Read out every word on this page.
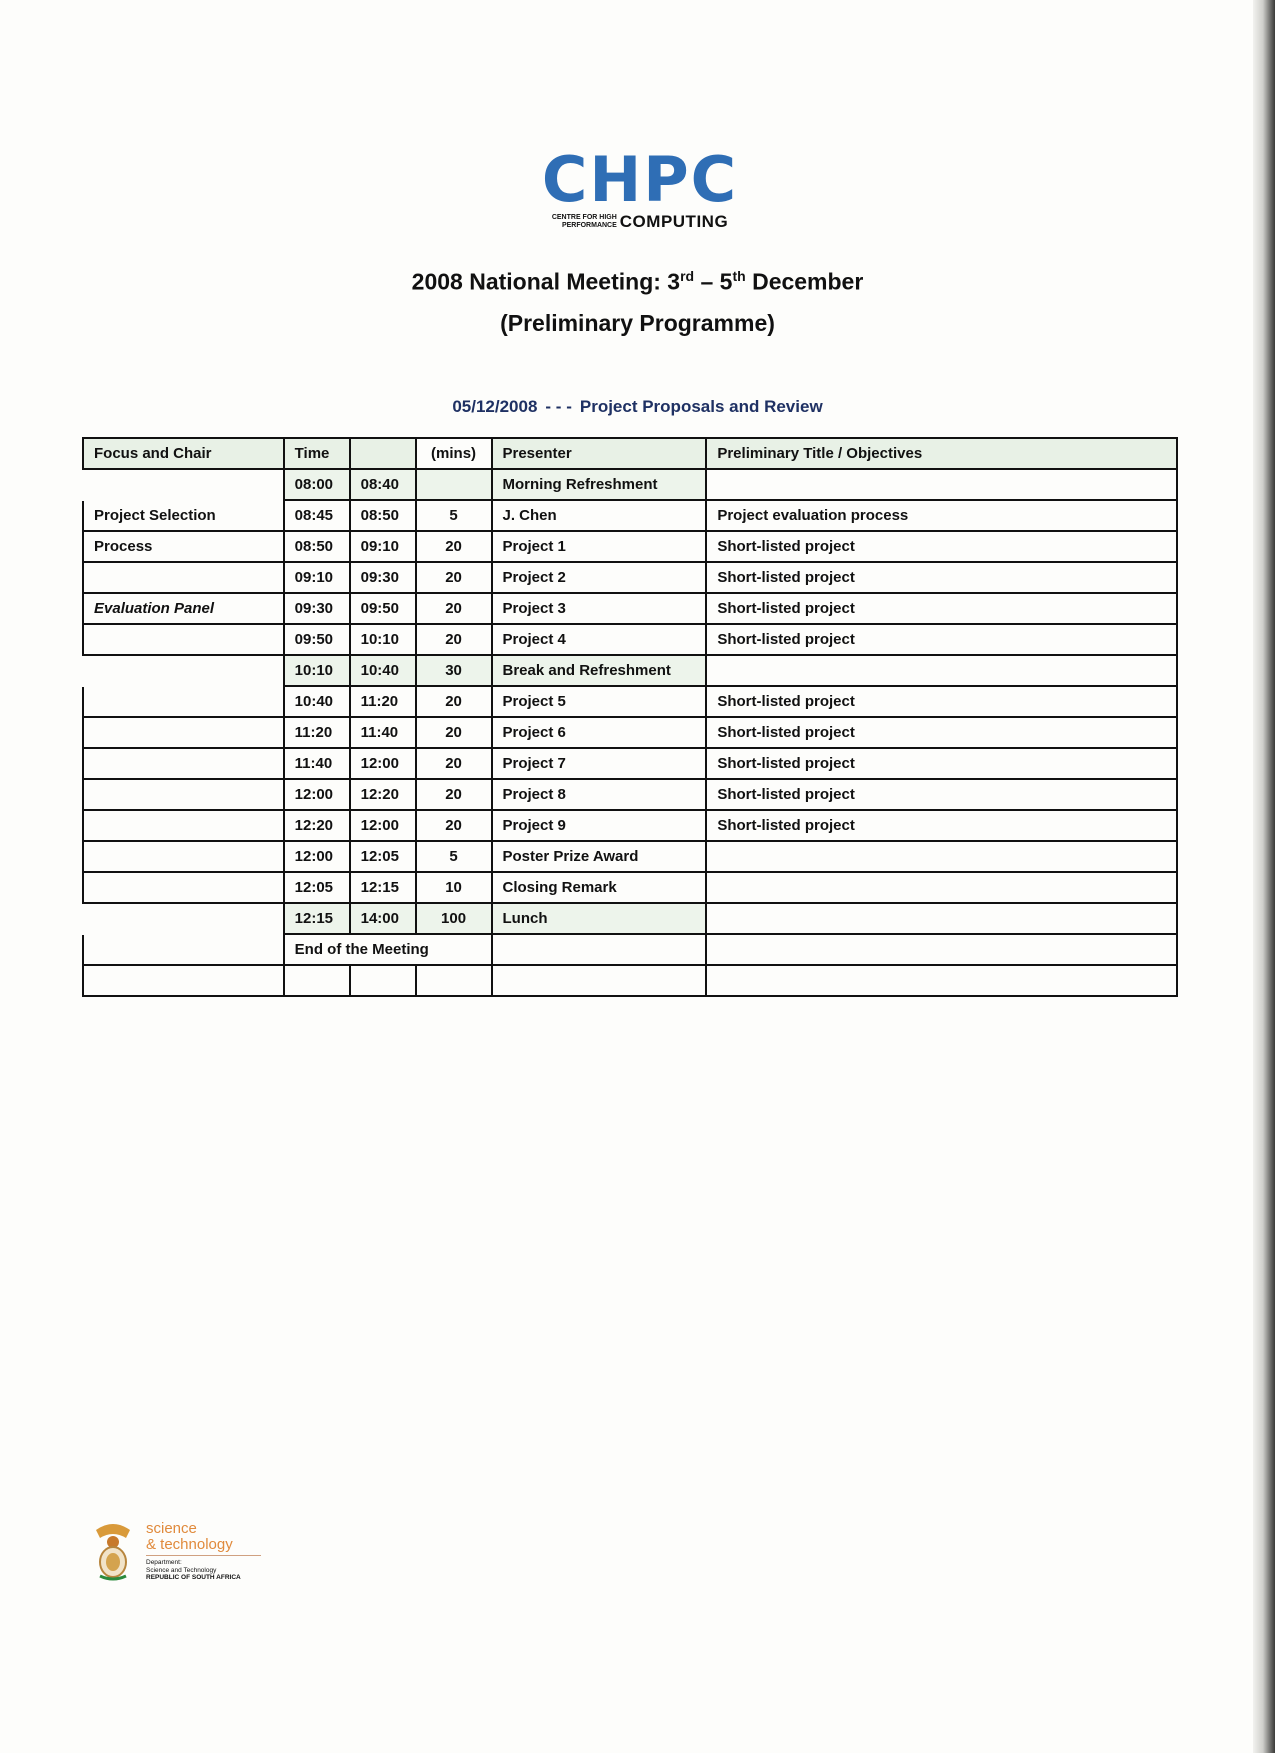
CHPC
CENTRE FOR HIGH
PERFORMANCE COMPUTING
2008 National Meeting: 3rd – 5th December
(Preliminary Programme)
05/12/2008 - - - Project Proposals and Review
Focus and Chair	Time		(mins)	Presenter	Preliminary Title / Objectives
	08:00	08:40		Morning Refreshment	
Project Selection	08:45	08:50	5	J. Chen	Project evaluation process
Process	08:50	09:10	20	Project 1	Short-listed project
	09:10	09:30	20	Project 2	Short-listed project
Evaluation Panel	09:30	09:50	20	Project 3	Short-listed project
	09:50	10:10	20	Project 4	Short-listed project
	10:10	10:40	30	Break and Refreshment	
	10:40	11:20	20	Project 5	Short-listed project
	11:20	11:40	20	Project 6	Short-listed project
	11:40	12:00	20	Project 7	Short-listed project
	12:00	12:20	20	Project 8	Short-listed project
	12:20	12:00	20	Project 9	Short-listed project
	12:00	12:05	5	Poster Prize Award	
	12:05	12:15	10	Closing Remark	
	12:15	14:00	100	Lunch	
	End of the Meeting				

science
& technology
Department:
Science and Technology
REPUBLIC OF SOUTH AFRICA
